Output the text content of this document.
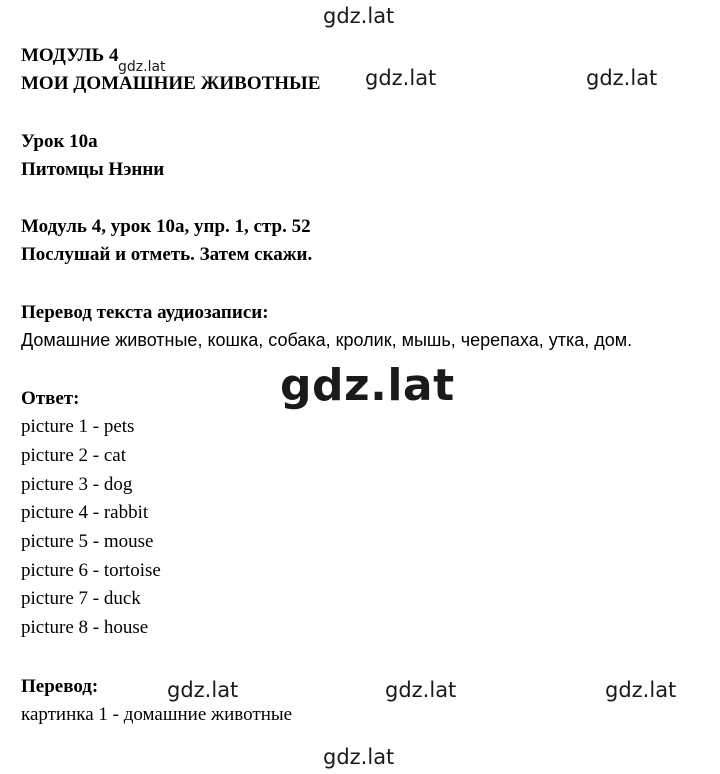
gdz.lat
gdz.lat	gdz.lat	gdz.lat
gdz.lat
gdz.lat	gdz.lat	gdz.lat
gdz.lat
МОДУЛЬ 4
МОИ ДОМАШНИЕ ЖИВОТНЫЕ
Урок 10а
Питомцы Нэнни
Модуль 4, урок 10а, упр. 1, стр. 52
Послушай и отметь. Затем скажи.
Перевод текста аудиозаписи:
Домашние животные, кошка, собака, кролик, мышь, черепаха, утка, дом.
Ответ:
picture 1 - pets
picture 2 - cat
picture 3 - dog
picture 4 - rabbit
picture 5 - mouse
picture 6 - tortoise
picture 7 - duck
picture 8 - house
Перевод:
картинка 1 - домашние животные
